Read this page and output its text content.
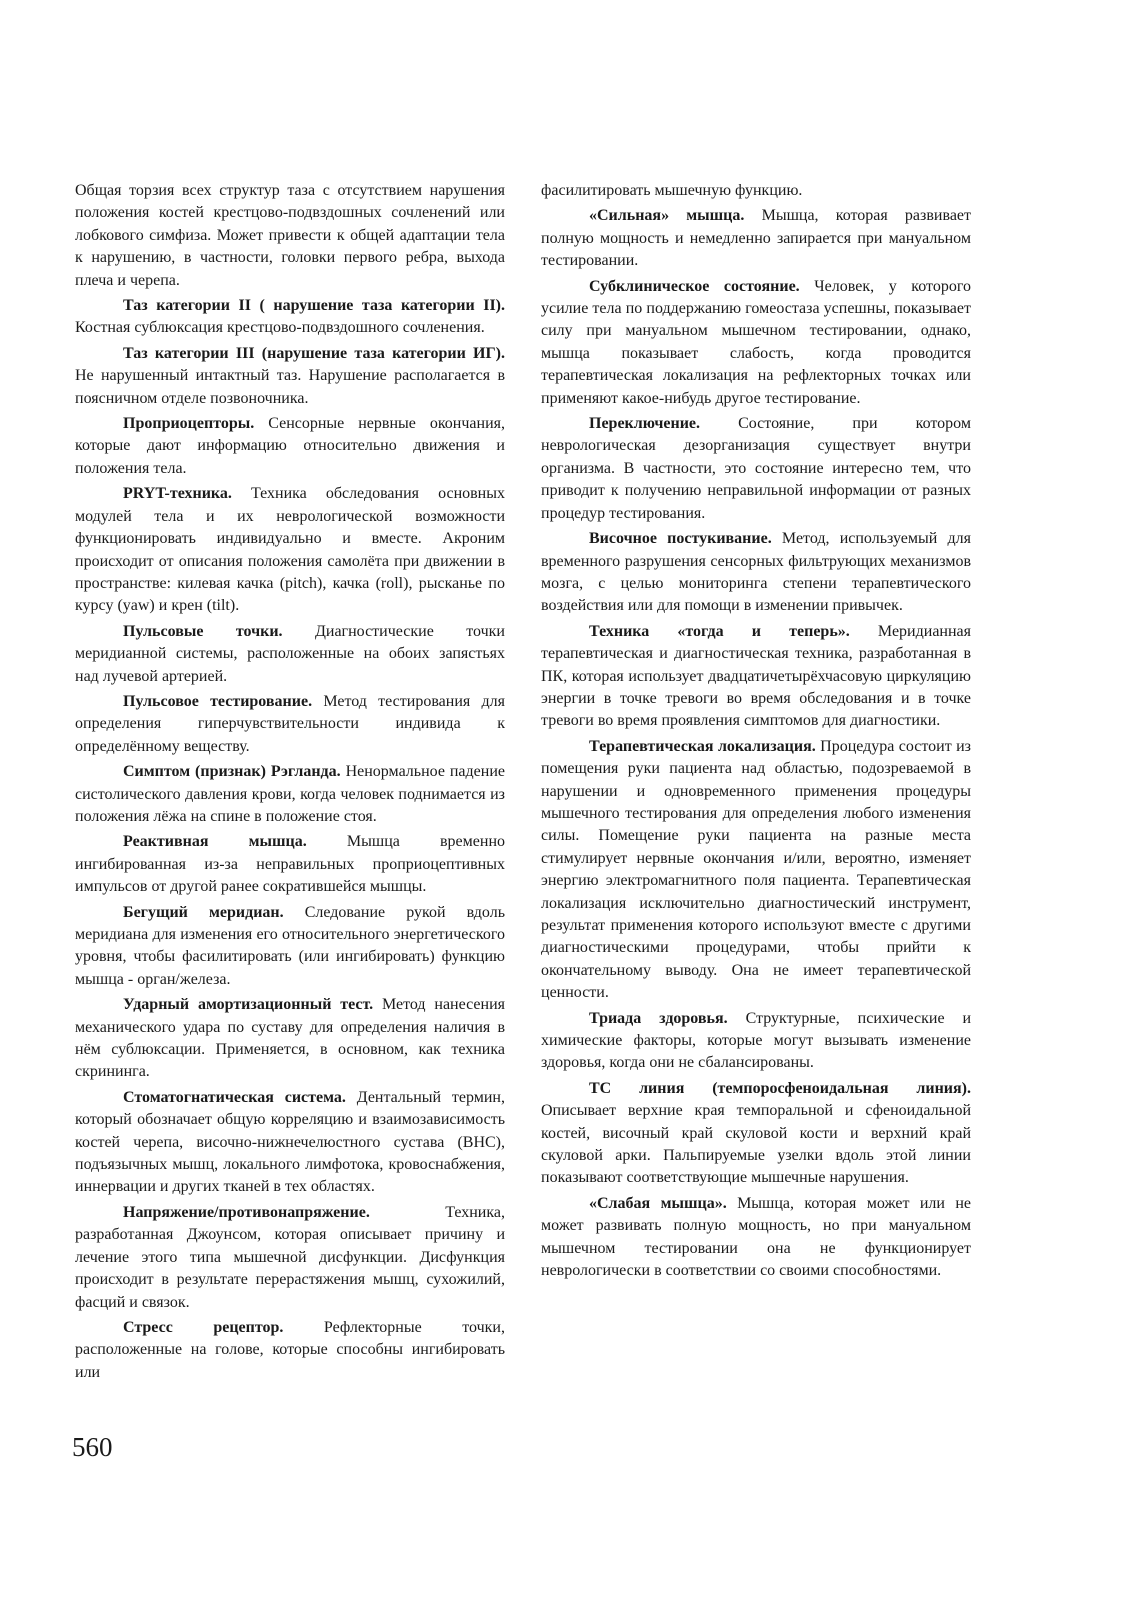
Общая торзия всех структур таза с отсутствием нарушения положения костей крестцово-подвздошных сочленений или лобкового симфиза. Может привести к общей адаптации тела к нарушению, в частности, головки первого ребра, выхода плеча и черепа.

Таз категории II ( нарушение таза категории II). Костная сублюксация крестцово-подвздошного сочленения.

Таз категории III (нарушение таза категории ИГ). Не нарушенный интактный таз. Нарушение располагается в поясничном отделе позвоночника.

Проприоцепторы. Сенсорные нервные окончания, которые дают информацию относительно движения и положения тела.

PRYT-техника. Техника обследования основных модулей тела и их неврологической возможности функционировать индивидуально и вместе. Акроним происходит от описания положения самолёта при движении в пространстве: килевая качка (pitch), качка (roll), рысканье по курсу (yaw) и крен (tilt).

Пульсовые точки. Диагностические точки меридианной системы, расположенные на обоих запястьях над лучевой артерией.

Пульсовое тестирование. Метод тестирования для определения гиперчувствительности индивида к определённому веществу.

Симптом (признак) Рэгланда. Ненормальное падение систолического давления крови, когда человек поднимается из положения лёжа на спине в положение стоя.

Реактивная мышца. Мышца временно ингибированная из-за неправильных проприоцептивных импульсов от другой ранее сократившейся мышцы.

Бегущий меридиан. Следование рукой вдоль меридиана для изменения его относительного энергетического уровня, чтобы фасилитировать (или ингибировать) функцию мышца - орган/железа.

Ударный амортизационный тест. Метод нанесения механического удара по суставу для определения наличия в нём сублюксации. Применяется, в основном, как техника скрининга.

Стоматогнатическая система. Дентальный термин, который обозначает общую корреляцию и взаимозависимость костей черепа, височно-нижнечелюстного сустава (ВНС), подъязычных мышц, локального лимфотока, кровоснабжения, иннервации и других тканей в тех областях.

Напряжение/противонапряжение. Техника, разработанная Джоунсом, которая описывает причину и лечение этого типа мышечной дисфункции. Дисфункция происходит в результате перерастяжения мышц, сухожилий, фасций и связок.

Стресс рецептор. Рефлекторные точки, расположенные на голове, которые способны ингибировать или

фасилитировать мышечную функцию.

«Сильная» мышца. Мышца, которая развивает полную мощность и немедленно запирается при мануальном тестировании.

Субклиническое состояние. Человек, у которого усилие тела по поддержанию гомеостаза успешны, показывает силу при мануальном мышечном тестировании, однако, мышца показывает слабость, когда проводится терапевтическая локализация на рефлекторных точках или применяют какое-нибудь другое тестирование.

Переключение. Состояние, при котором неврологическая дезорганизация существует внутри организма. В частности, это состояние интересно тем, что приводит к получению неправильной информации от разных процедур тестирования.

Височное постукивание. Метод, используемый для временного разрушения сенсорных фильтрующих механизмов мозга, с целью мониторинга степени терапевтического воздействия или для помощи в изменении привычек.

Техника «тогда и теперь». Меридианная терапевтическая и диагностическая техника, разработанная в ПК, которая использует двадцатичетырёхчасовую циркуляцию энергии в точке тревоги во время обследования и в точке тревоги во время проявления симптомов для диагностики.

Терапевтическая локализация. Процедура состоит из помещения руки пациента над областью, подозреваемой в нарушении и одновременного применения процедуры мышечного тестирования для определения любого изменения силы. Помещение руки пациента на разные места стимулирует нервные окончания и/или, вероятно, изменяет энергию электромагнитного поля пациента. Терапевтическая локализация исключительно диагностический инструмент, результат применения которого используют вместе с другими диагностическими процедурами, чтобы прийти к окончательному выводу. Она не имеет терапевтической ценности.

Триада здоровья. Структурные, психические и химические факторы, которые могут вызывать изменение здоровья, когда они не сбалансированы.

ТС линия (темпоросфеноидальная линия). Описывает верхние края темпоральной и сфеноидальной костей, височный край скуловой кости и верхний край скуловой арки. Пальпируемые узелки вдоль этой линии показывают соответствующие мышечные нарушения.

«Слабая мышца». Мышца, которая может или не может развивать полную мощность, но при мануальном мышечном тестировании она не функционирует неврологически в соответствии со своими способностями.

560
